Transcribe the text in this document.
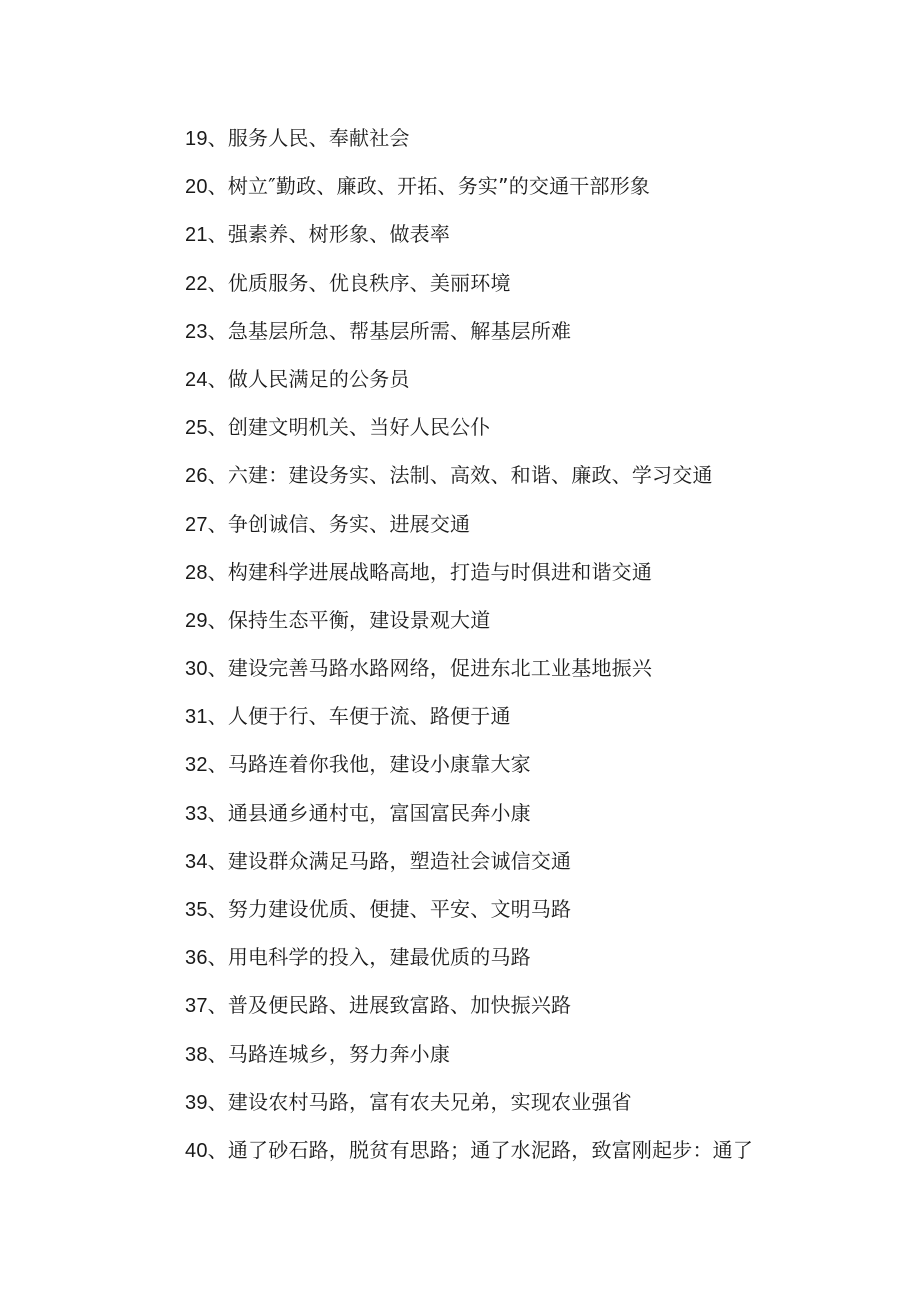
19、服务人民、奉献社会
20、树立″勤政、廉政、开拓、务实”的交通干部形象
21、强素养、树形象、做表率
22、优质服务、优良秩序、美丽环境
23、急基层所急、帮基层所需、解基层所难
24、做人民满足的公务员
25、创建文明机关、当好人民公仆
26、六建：建设务实、法制、高效、和谐、廉政、学习交通
27、争创诚信、务实、进展交通
28、构建科学进展战略高地，打造与时俱进和谐交通
29、保持生态平衡，建设景观大道
30、建设完善马路水路网络，促进东北工业基地振兴
31、人便于行、车便于流、路便于通
32、马路连着你我他，建设小康靠大家
33、通县通乡通村屯，富国富民奔小康
34、建设群众满足马路，塑造社会诚信交通
35、努力建设优质、便捷、平安、文明马路
36、用电科学的投入，建最优质的马路
37、普及便民路、进展致富路、加快振兴路
38、马路连城乡，努力奔小康
39、建设农村马路，富有农夫兄弟，实现农业强省
40、通了砂石路，脱贫有思路；通了水泥路，致富刚起步：通了
